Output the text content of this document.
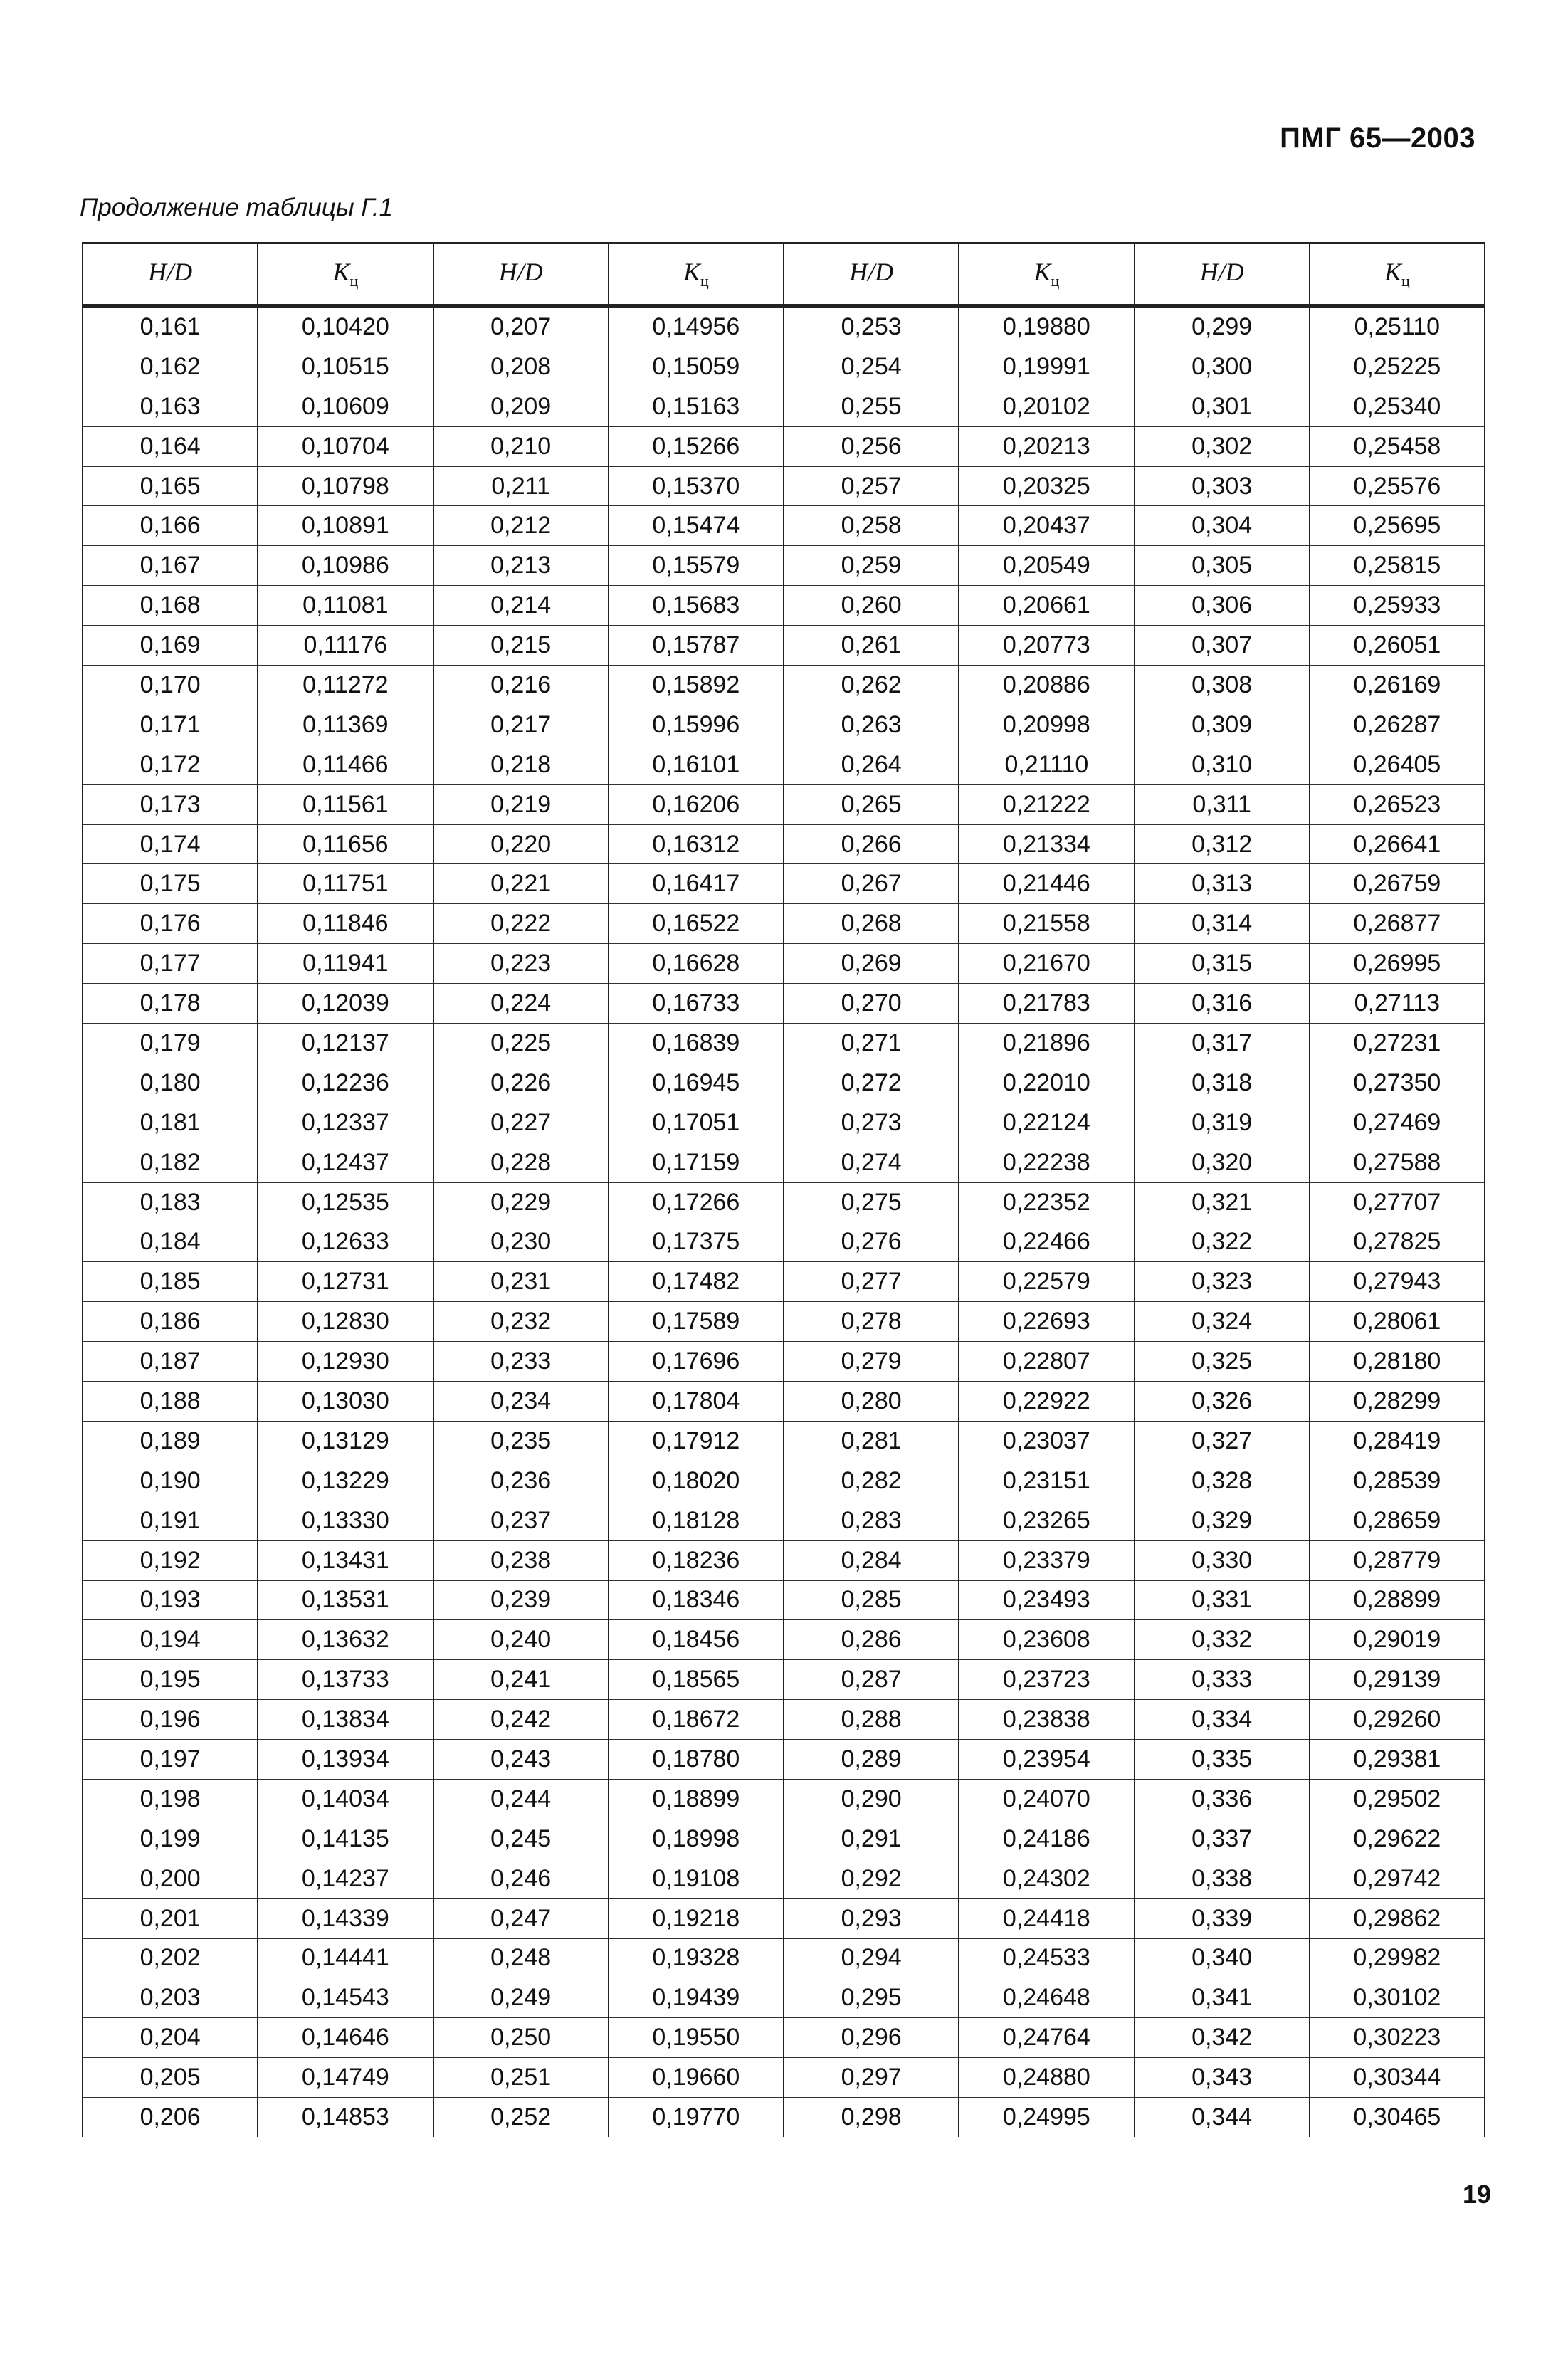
ПМГ 65—2003
Продолжение таблицы Г.1
H/D	$K_ц$	H/D	$K_ц$	H/D	$K_ц$	H/D	$K_ц$
0,161	0,10420	0,207	0,14956	0,253	0,19880	0,299	0,25110
0,162	0,10515	0,208	0,15059	0,254	0,19991	0,300	0,25225
0,163	0,10609	0,209	0,15163	0,255	0,20102	0,301	0,25340
0,164	0,10704	0,210	0,15266	0,256	0,20213	0,302	0,25458
0,165	0,10798	0,211	0,15370	0,257	0,20325	0,303	0,25576
0,166	0,10891	0,212	0,15474	0,258	0,20437	0,304	0,25695
0,167	0,10986	0,213	0,15579	0,259	0,20549	0,305	0,25815
0,168	0,11081	0,214	0,15683	0,260	0,20661	0,306	0,25933
0,169	0,11176	0,215	0,15787	0,261	0,20773	0,307	0,26051
0,170	0,11272	0,216	0,15892	0,262	0,20886	0,308	0,26169
0,171	0,11369	0,217	0,15996	0,263	0,20998	0,309	0,26287
0,172	0,11466	0,218	0,16101	0,264	0,21110	0,310	0,26405
0,173	0,11561	0,219	0,16206	0,265	0,21222	0,311	0,26523
0,174	0,11656	0,220	0,16312	0,266	0,21334	0,312	0,26641
0,175	0,11751	0,221	0,16417	0,267	0,21446	0,313	0,26759
0,176	0,11846	0,222	0,16522	0,268	0,21558	0,314	0,26877
0,177	0,11941	0,223	0,16628	0,269	0,21670	0,315	0,26995
0,178	0,12039	0,224	0,16733	0,270	0,21783	0,316	0,27113
0,179	0,12137	0,225	0,16839	0,271	0,21896	0,317	0,27231
0,180	0,12236	0,226	0,16945	0,272	0,22010	0,318	0,27350
0,181	0,12337	0,227	0,17051	0,273	0,22124	0,319	0,27469
0,182	0,12437	0,228	0,17159	0,274	0,22238	0,320	0,27588
0,183	0,12535	0,229	0,17266	0,275	0,22352	0,321	0,27707
0,184	0,12633	0,230	0,17375	0,276	0,22466	0,322	0,27825
0,185	0,12731	0,231	0,17482	0,277	0,22579	0,323	0,27943
0,186	0,12830	0,232	0,17589	0,278	0,22693	0,324	0,28061
0,187	0,12930	0,233	0,17696	0,279	0,22807	0,325	0,28180
0,188	0,13030	0,234	0,17804	0,280	0,22922	0,326	0,28299
0,189	0,13129	0,235	0,17912	0,281	0,23037	0,327	0,28419
0,190	0,13229	0,236	0,18020	0,282	0,23151	0,328	0,28539
0,191	0,13330	0,237	0,18128	0,283	0,23265	0,329	0,28659
0,192	0,13431	0,238	0,18236	0,284	0,23379	0,330	0,28779
0,193	0,13531	0,239	0,18346	0,285	0,23493	0,331	0,28899
0,194	0,13632	0,240	0,18456	0,286	0,23608	0,332	0,29019
0,195	0,13733	0,241	0,18565	0,287	0,23723	0,333	0,29139
0,196	0,13834	0,242	0,18672	0,288	0,23838	0,334	0,29260
0,197	0,13934	0,243	0,18780	0,289	0,23954	0,335	0,29381
0,198	0,14034	0,244	0,18899	0,290	0,24070	0,336	0,29502
0,199	0,14135	0,245	0,18998	0,291	0,24186	0,337	0,29622
0,200	0,14237	0,246	0,19108	0,292	0,24302	0,338	0,29742
0,201	0,14339	0,247	0,19218	0,293	0,24418	0,339	0,29862
0,202	0,14441	0,248	0,19328	0,294	0,24533	0,340	0,29982
0,203	0,14543	0,249	0,19439	0,295	0,24648	0,341	0,30102
0,204	0,14646	0,250	0,19550	0,296	0,24764	0,342	0,30223
0,205	0,14749	0,251	0,19660	0,297	0,24880	0,343	0,30344
0,206	0,14853	0,252	0,19770	0,298	0,24995	0,344	0,30465
19
